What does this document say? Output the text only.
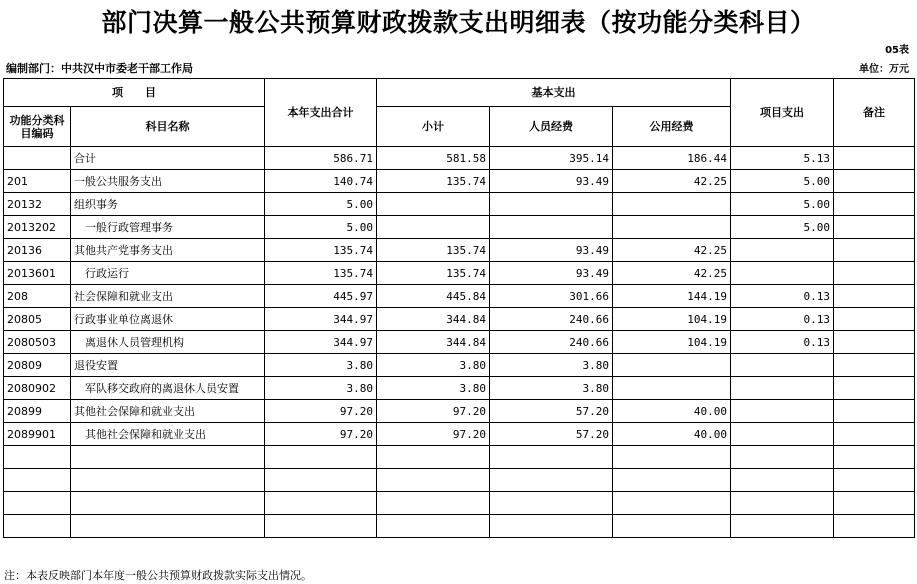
部门决算一般公共预算财政拨款支出明细表（按功能分类科目）
05表
编制部门：中共汉中市委老干部工作局	单位：万元
项　　目		本年支出合计	基本支出			项目支出	备注
功能分类科目编码	科目名称		小计	人员经费	公用经费		
	合计	586.71	581.58	395.14	186.44	5.13	
201	一般公共服务支出	140.74	135.74	93.49	42.25	5.00	
20132	组织事务	5.00				5.00	
2013202	一般行政管理事务	5.00				5.00	
20136	其他共产党事务支出	135.74	135.74	93.49	42.25		
2013601	行政运行	135.74	135.74	93.49	42.25		
208	社会保障和就业支出	445.97	445.84	301.66	144.19	0.13	
20805	行政事业单位离退休	344.97	344.84	240.66	104.19	0.13	
2080503	离退休人员管理机构	344.97	344.84	240.66	104.19	0.13	
20809	退役安置	3.80	3.80	3.80			
2080902	军队移交政府的离退休人员安置	3.80	3.80	3.80			
20899	其他社会保障和就业支出	97.20	97.20	57.20	40.00		
2089901	其他社会保障和就业支出	97.20	97.20	57.20	40.00		

注：本表反映部门本年度一般公共预算财政拨款实际支出情况。
